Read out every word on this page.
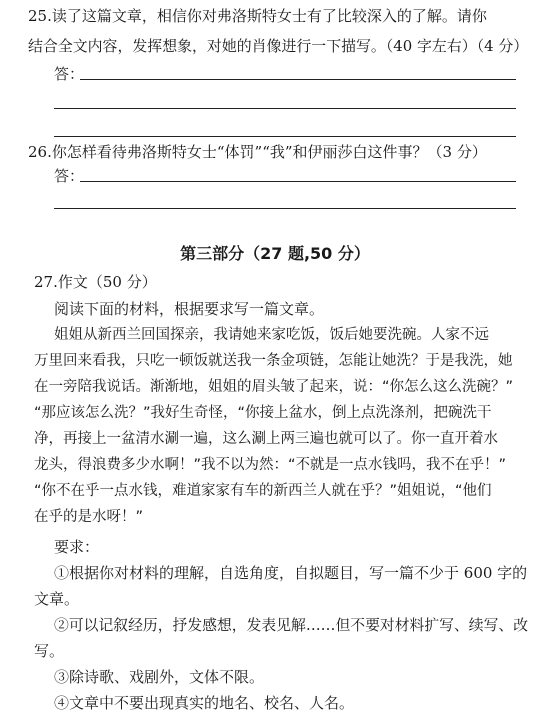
25.读了这篇文章，相信你对弗洛斯特女士有了比较深入的了解。请你
结合全文内容，发挥想象，对她的肖像进行一下描写。（40 字左右）（4 分）
答：
26.你怎样看待弗洛斯特女士“体罚”“我”和伊丽莎白这件事？（3 分）
答：
第三部分（27 题,50 分）
27.作文（50 分）
阅读下面的材料，根据要求写一篇文章。
姐姐从新西兰回国探亲，我请她来家吃饭，饭后她要洗碗。人家不远
万里回来看我，只吃一顿饭就送我一条金项链，怎能让她洗？于是我洗，她
在一旁陪我说话。渐渐地，姐姐的眉头皱了起来，说：“你怎么这么洗碗？”
“那应该怎么洗？”我好生奇怪，“你接上盆水，倒上点洗涤剂，把碗洗干
净，再接上一盆清水涮一遍，这么涮上两三遍也就可以了。你一直开着水
龙头，得浪费多少水啊！”我不以为然：“不就是一点水钱吗，我不在乎！”
“你不在乎一点水钱，难道家家有车的新西兰人就在乎？”姐姐说，“他们
在乎的是水呀！”
要求：
①根据你对材料的理解，自选角度，自拟题目，写一篇不少于 600 字的
文章。
②可以记叙经历，抒发感想，发表见解……但不要对材料扩写、续写、改
写。
③除诗歌、戏剧外，文体不限。
④文章中不要出现真实的地名、校名、人名。
